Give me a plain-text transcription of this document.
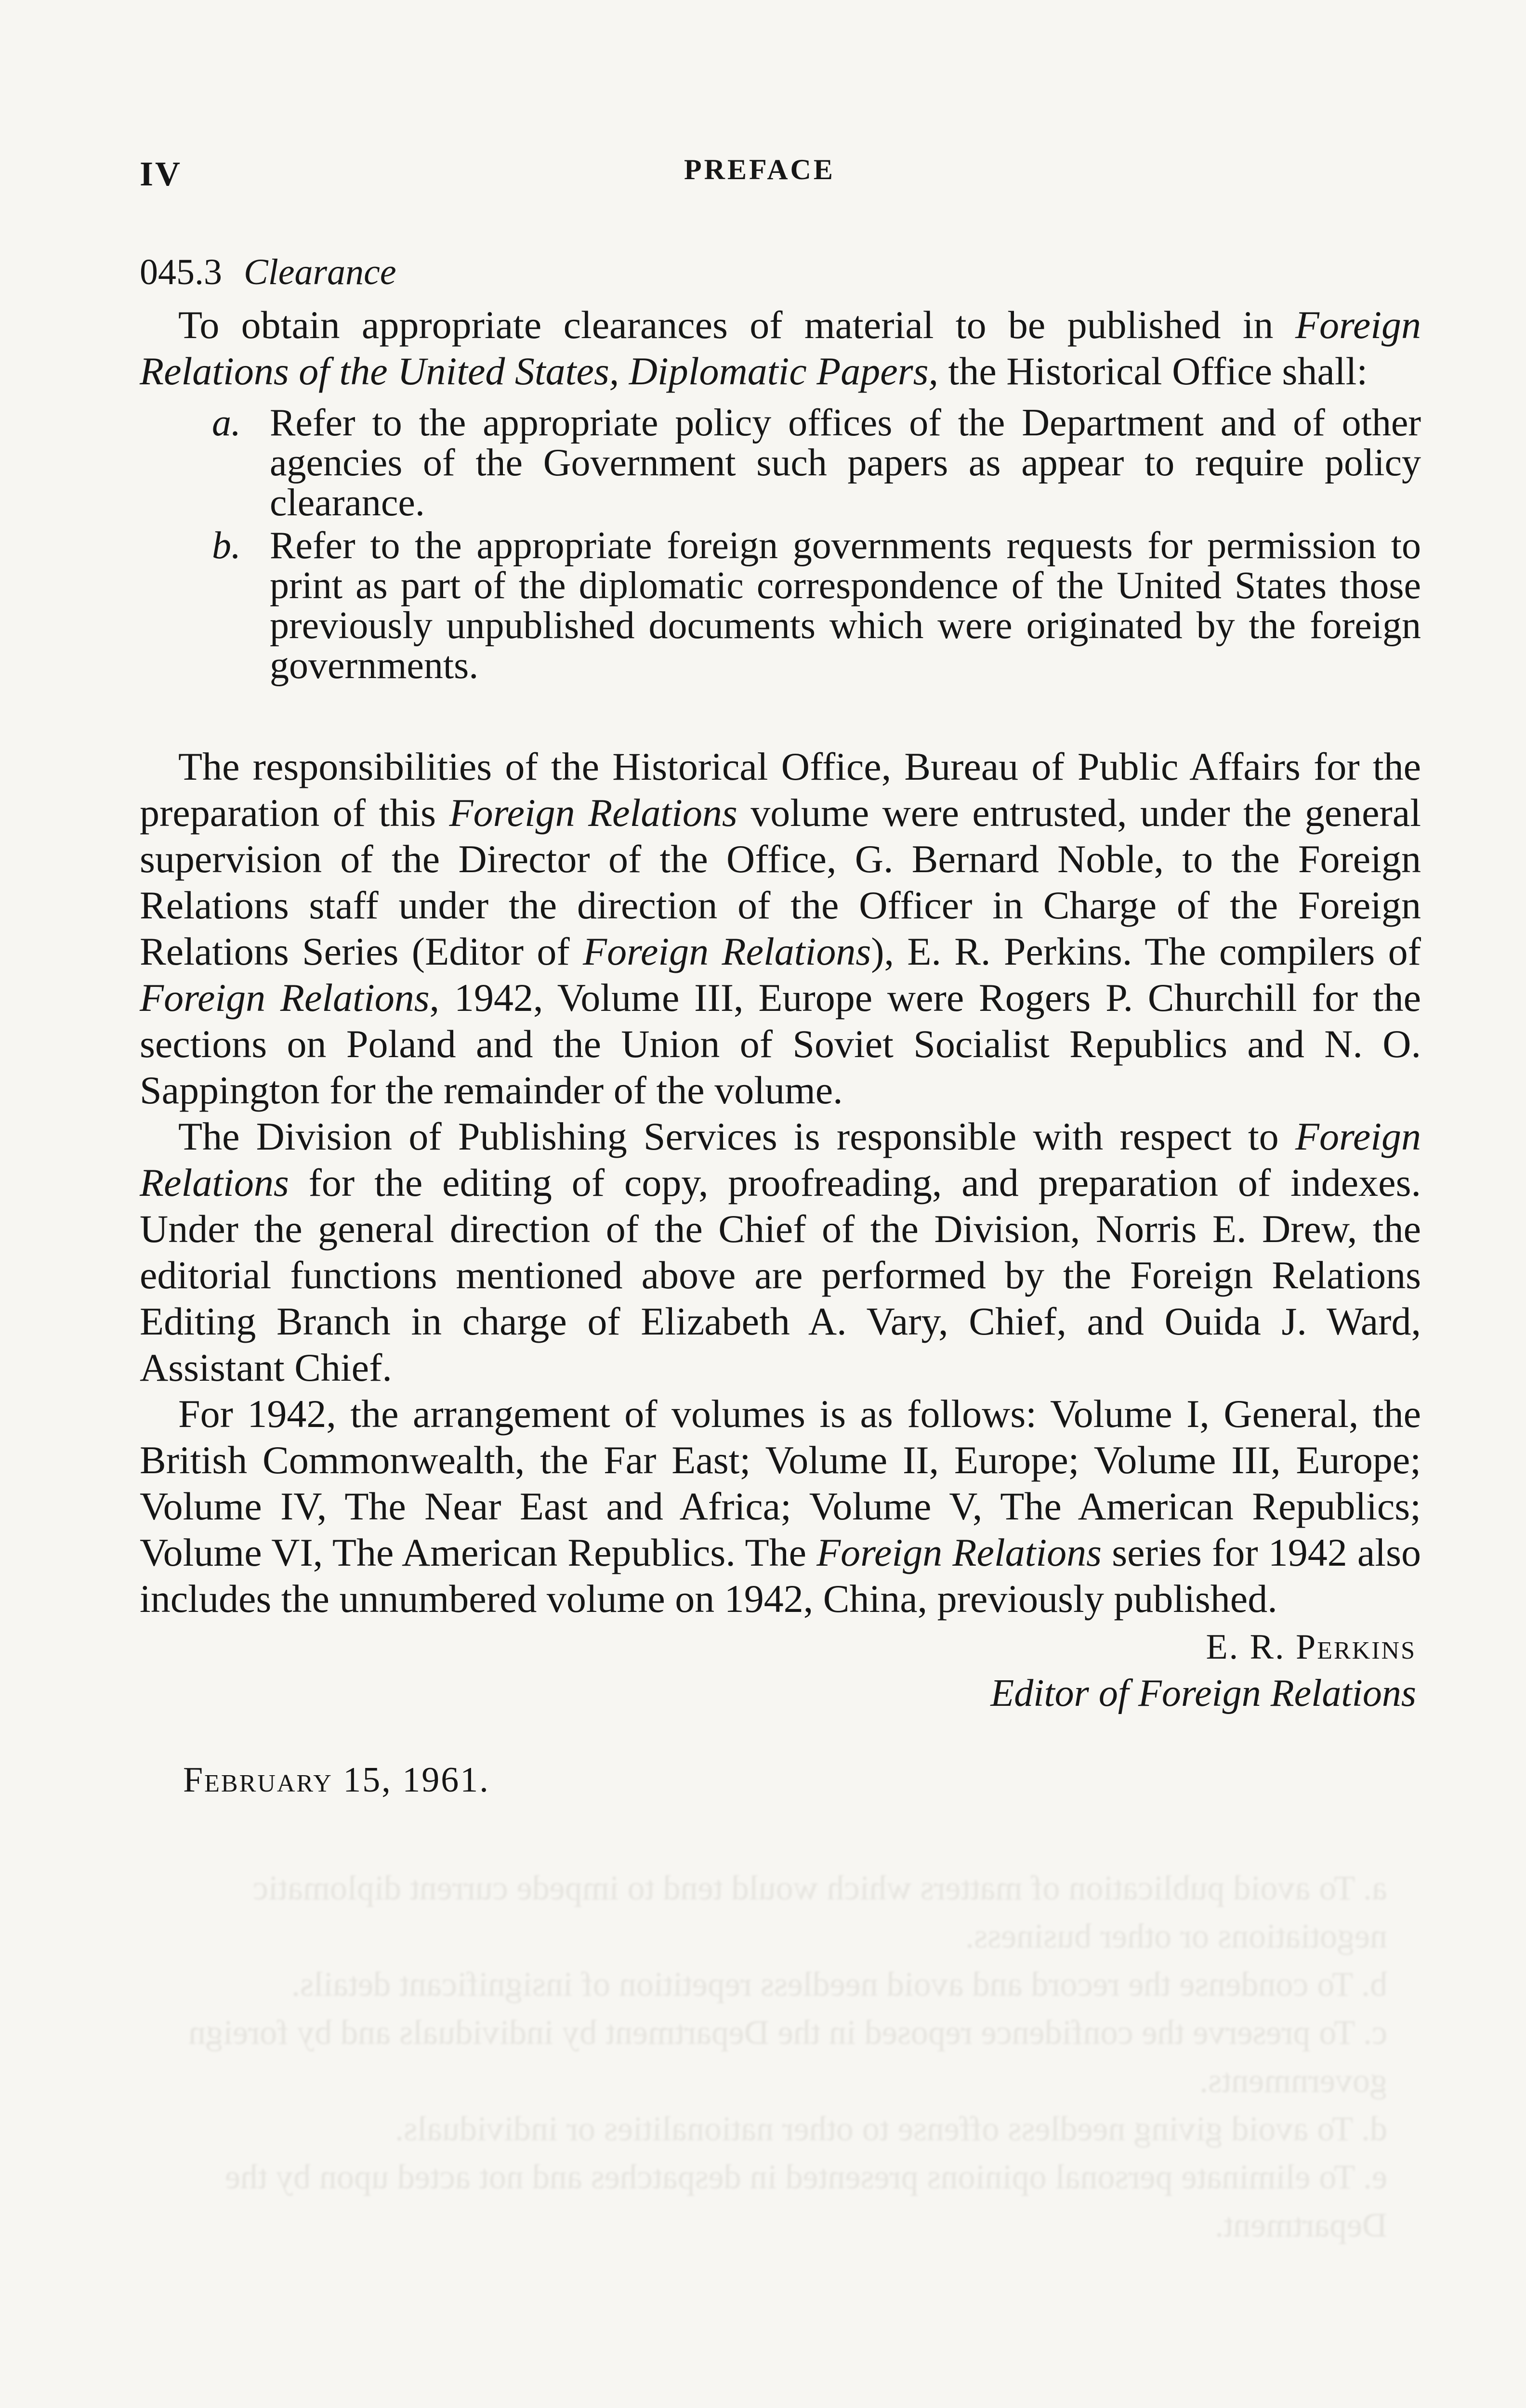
IV	PREFACE
045.3 Clearance

To obtain appropriate clearances of material to be published in Foreign Relations of the United States, Diplomatic Papers, the Historical Office shall:

a. Refer to the appropriate policy offices of the Department and of other agencies of the Government such papers as appear to require policy clearance.
b. Refer to the appropriate foreign governments requests for permission to print as part of the diplomatic correspondence of the United States those previously unpublished documents which were originated by the foreign governments.

The responsibilities of the Historical Office, Bureau of Public Affairs for the preparation of this Foreign Relations volume were entrusted, under the general supervision of the Director of the Office, G. Bernard Noble, to the Foreign Relations staff under the direction of the Officer in Charge of the Foreign Relations Series (Editor of Foreign Relations), E. R. Perkins. The compilers of Foreign Relations, 1942, Volume III, Europe were Rogers P. Churchill for the sections on Poland and the Union of Soviet Socialist Republics and N. O. Sappington for the remainder of the volume.

The Division of Publishing Services is responsible with respect to Foreign Relations for the editing of copy, proofreading, and preparation of indexes. Under the general direction of the Chief of the Division, Norris E. Drew, the editorial functions mentioned above are performed by the Foreign Relations Editing Branch in charge of Elizabeth A. Vary, Chief, and Ouida J. Ward, Assistant Chief.

For 1942, the arrangement of volumes is as follows: Volume I, General, the British Commonwealth, the Far East; Volume II, Europe; Volume III, Europe; Volume IV, The Near East and Africa; Volume V, The American Republics; Volume VI, The American Republics. The Foreign Relations series for 1942 also includes the unnumbered volume on 1942, China, previously published.

E. R. Perkins
Editor of Foreign Relations
February 15, 1961.
a. To avoid publication of matters which would tend to impede current diplomatic negotiations or other business.
b. To condense the record and avoid needless repetition of insignificant details.
c. To preserve the confidence reposed in the Department by individuals and by foreign governments.
d. To avoid giving needless offense to other nationalities or individuals.
e. To eliminate personal opinions presented in despatches and not acted upon by the Department.
